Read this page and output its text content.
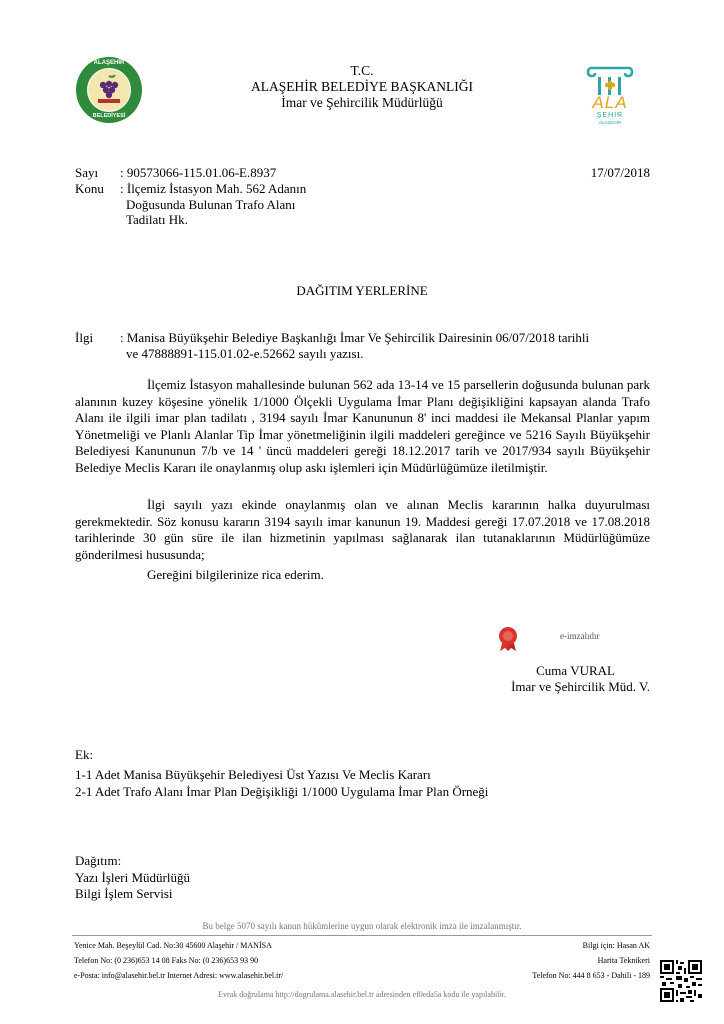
T.C.
ALAŞEHİR BELEDİYE BAŞKANLIĞI
İmar ve Şehircilik Müdürlüğü
ALAŞEHİR
BELEDİYESİ
ALA
ŞEHİR
ALAŞEHİR
Sayı : 90573066-115.01.06-E.8937	17/07/2018
Konu : İlçemiz İstasyon Mah. 562 Adanın
Doğusunda Bulunan Trafo Alanı
Tadilatı Hk.
DAĞITIM YERLERİNE
İlgi : Manisa Büyükşehir Belediye Başkanlığı İmar Ve Şehircilik Dairesinin 06/07/2018 tarihli
ve 47888891-115.01.02-e.52662 sayılı yazısı.
İlçemiz İstasyon mahallesinde bulunan 562 ada 13-14 ve 15 parsellerin doğusunda bulunan park alanının kuzey köşesine yönelik 1/1000 Ölçekli Uygulama İmar Planı değişikliğini kapsayan alanda Trafo Alanı ile ilgili imar plan tadilatı , 3194 sayılı İmar Kanununun 8' inci maddesi ile Mekansal Planlar yapım Yönetmeliği ve Planlı Alanlar Tip İmar yönetmeliğinin ilgili maddeleri gereğince ve 5216 Sayılı Büyükşehir Belediyesi Kanununun 7/b ve 14 ' üncü maddeleri gereği 18.12.2017 tarih ve 2017/934 sayılı Büyükşehir Belediye Meclis Kararı ile onaylanmış olup askı işlemleri için Müdürlüğümüze iletilmiştir.
İlgi sayılı yazı ekinde onaylanmış olan ve alınan Meclis kararının halka duyurulması gerekmektedir. Söz konusu kararın 3194 sayılı imar kanunun 19. Maddesi gereği 17.07.2018 ve 17.08.2018 tarihlerinde 30 gün süre ile ilan hizmetinin yapılması sağlanarak ilan tutanaklarının Müdürlüğümüze gönderilmesi hususunda;
Gereğini bilgilerinize rica ederim.
e-imzalıdır
Cuma VURAL
İmar ve Şehircilik Müd. V.
Ek:
1-1 Adet Manisa Büyükşehir Belediyesi Üst Yazısı Ve Meclis Kararı
2-1 Adet Trafo Alanı İmar Plan Değişikliği 1/1000 Uygulama İmar Plan Örneği
Dağıtım:
Yazı İşleri Müdürlüğü
Bilgi İşlem Servisi
Bu belge 5070 sayılı kanun hükümlerine uygun olarak elektronik imza ile imzalanmıştır.
Yenice Mah. Beşeylül Cad. No:30 45600 Alaşehir / MANİSA
Telefon No: (0 236)653 14 08 Faks No: (0 236)653 93 90
e-Posta: info@alasehir.bel.tr Internet Adresi: www.alasehir.bel.tr/
Bilgi için: Hasan AK
Harita Teknikeri
Telefon No: 444 8 653 - Dahili - 189
Evrak doğrulama http://dogrulama.alasehir.bel.tr adresinden ef0eda5a kodu ile yapılabilir.
